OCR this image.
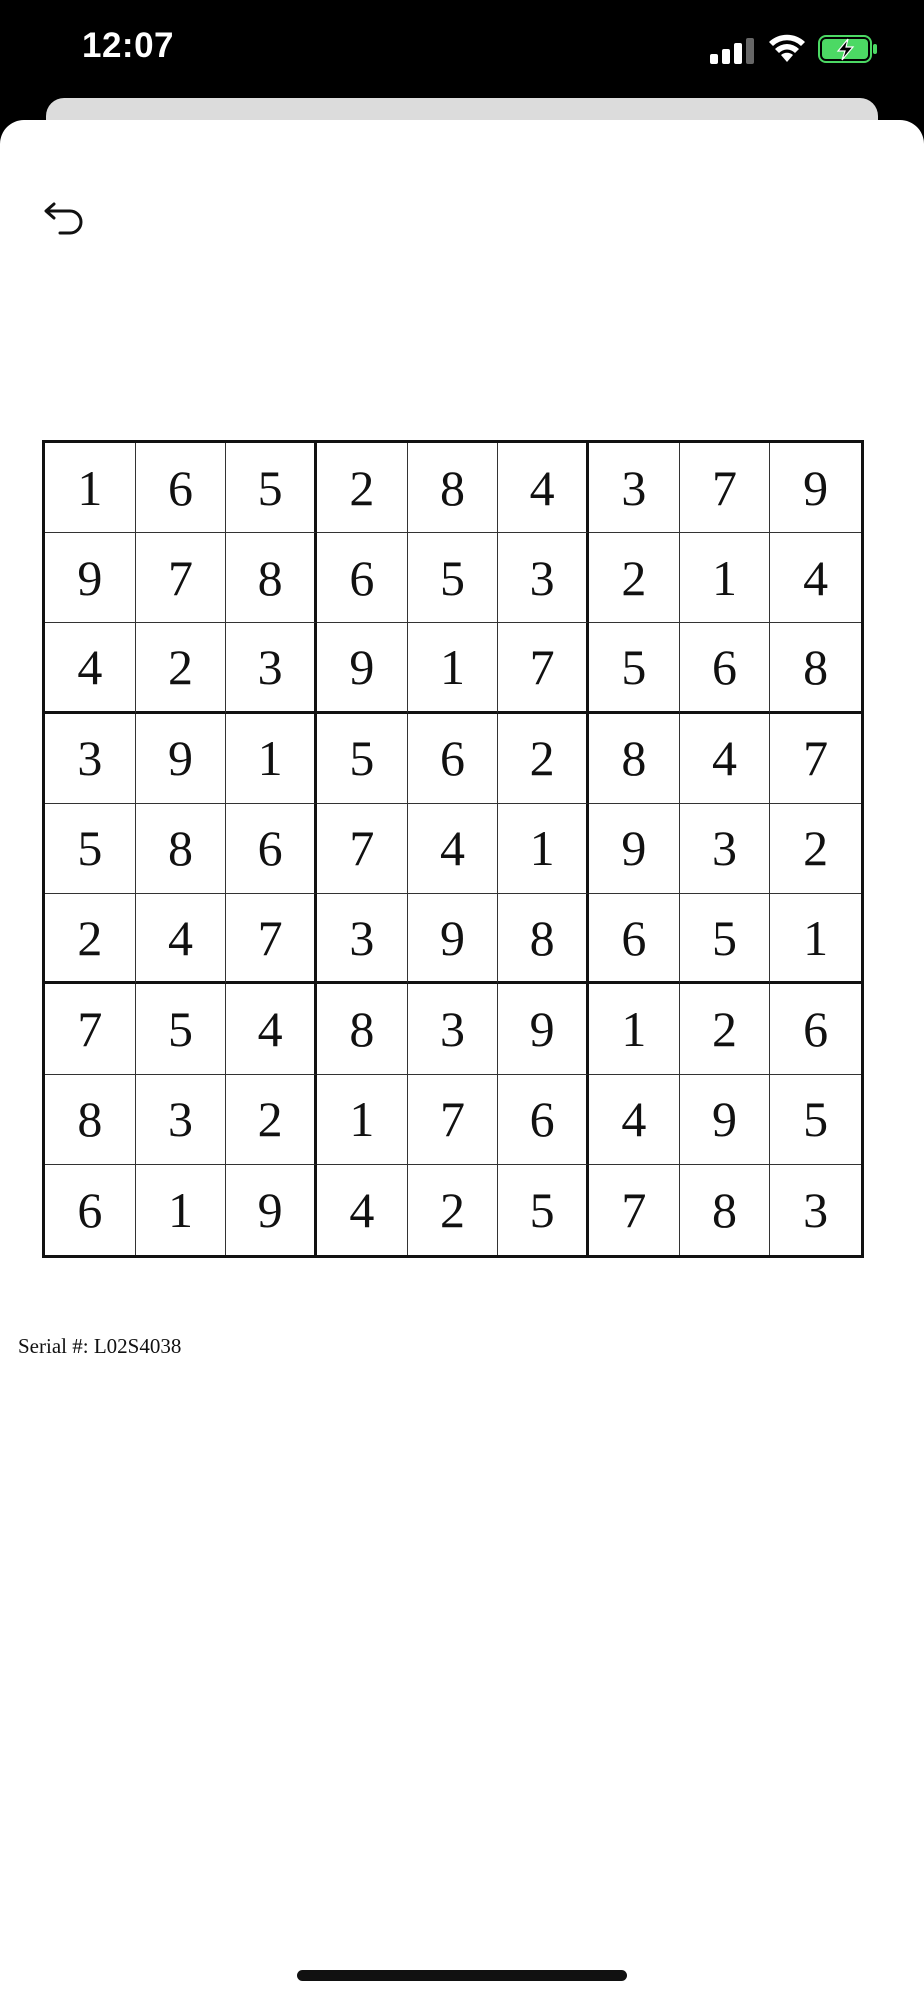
12:07
1	6	5	2	8	4	3	7	9
9	7	8	6	5	3	2	1	4
4	2	3	9	1	7	5	6	8
3	9	1	5	6	2	8	4	7
5	8	6	7	4	1	9	3	2
2	4	7	3	9	8	6	5	1
7	5	4	8	3	9	1	2	6
8	3	2	1	7	6	4	9	5
6	1	9	4	2	5	7	8	3
Serial #: L02S4038
